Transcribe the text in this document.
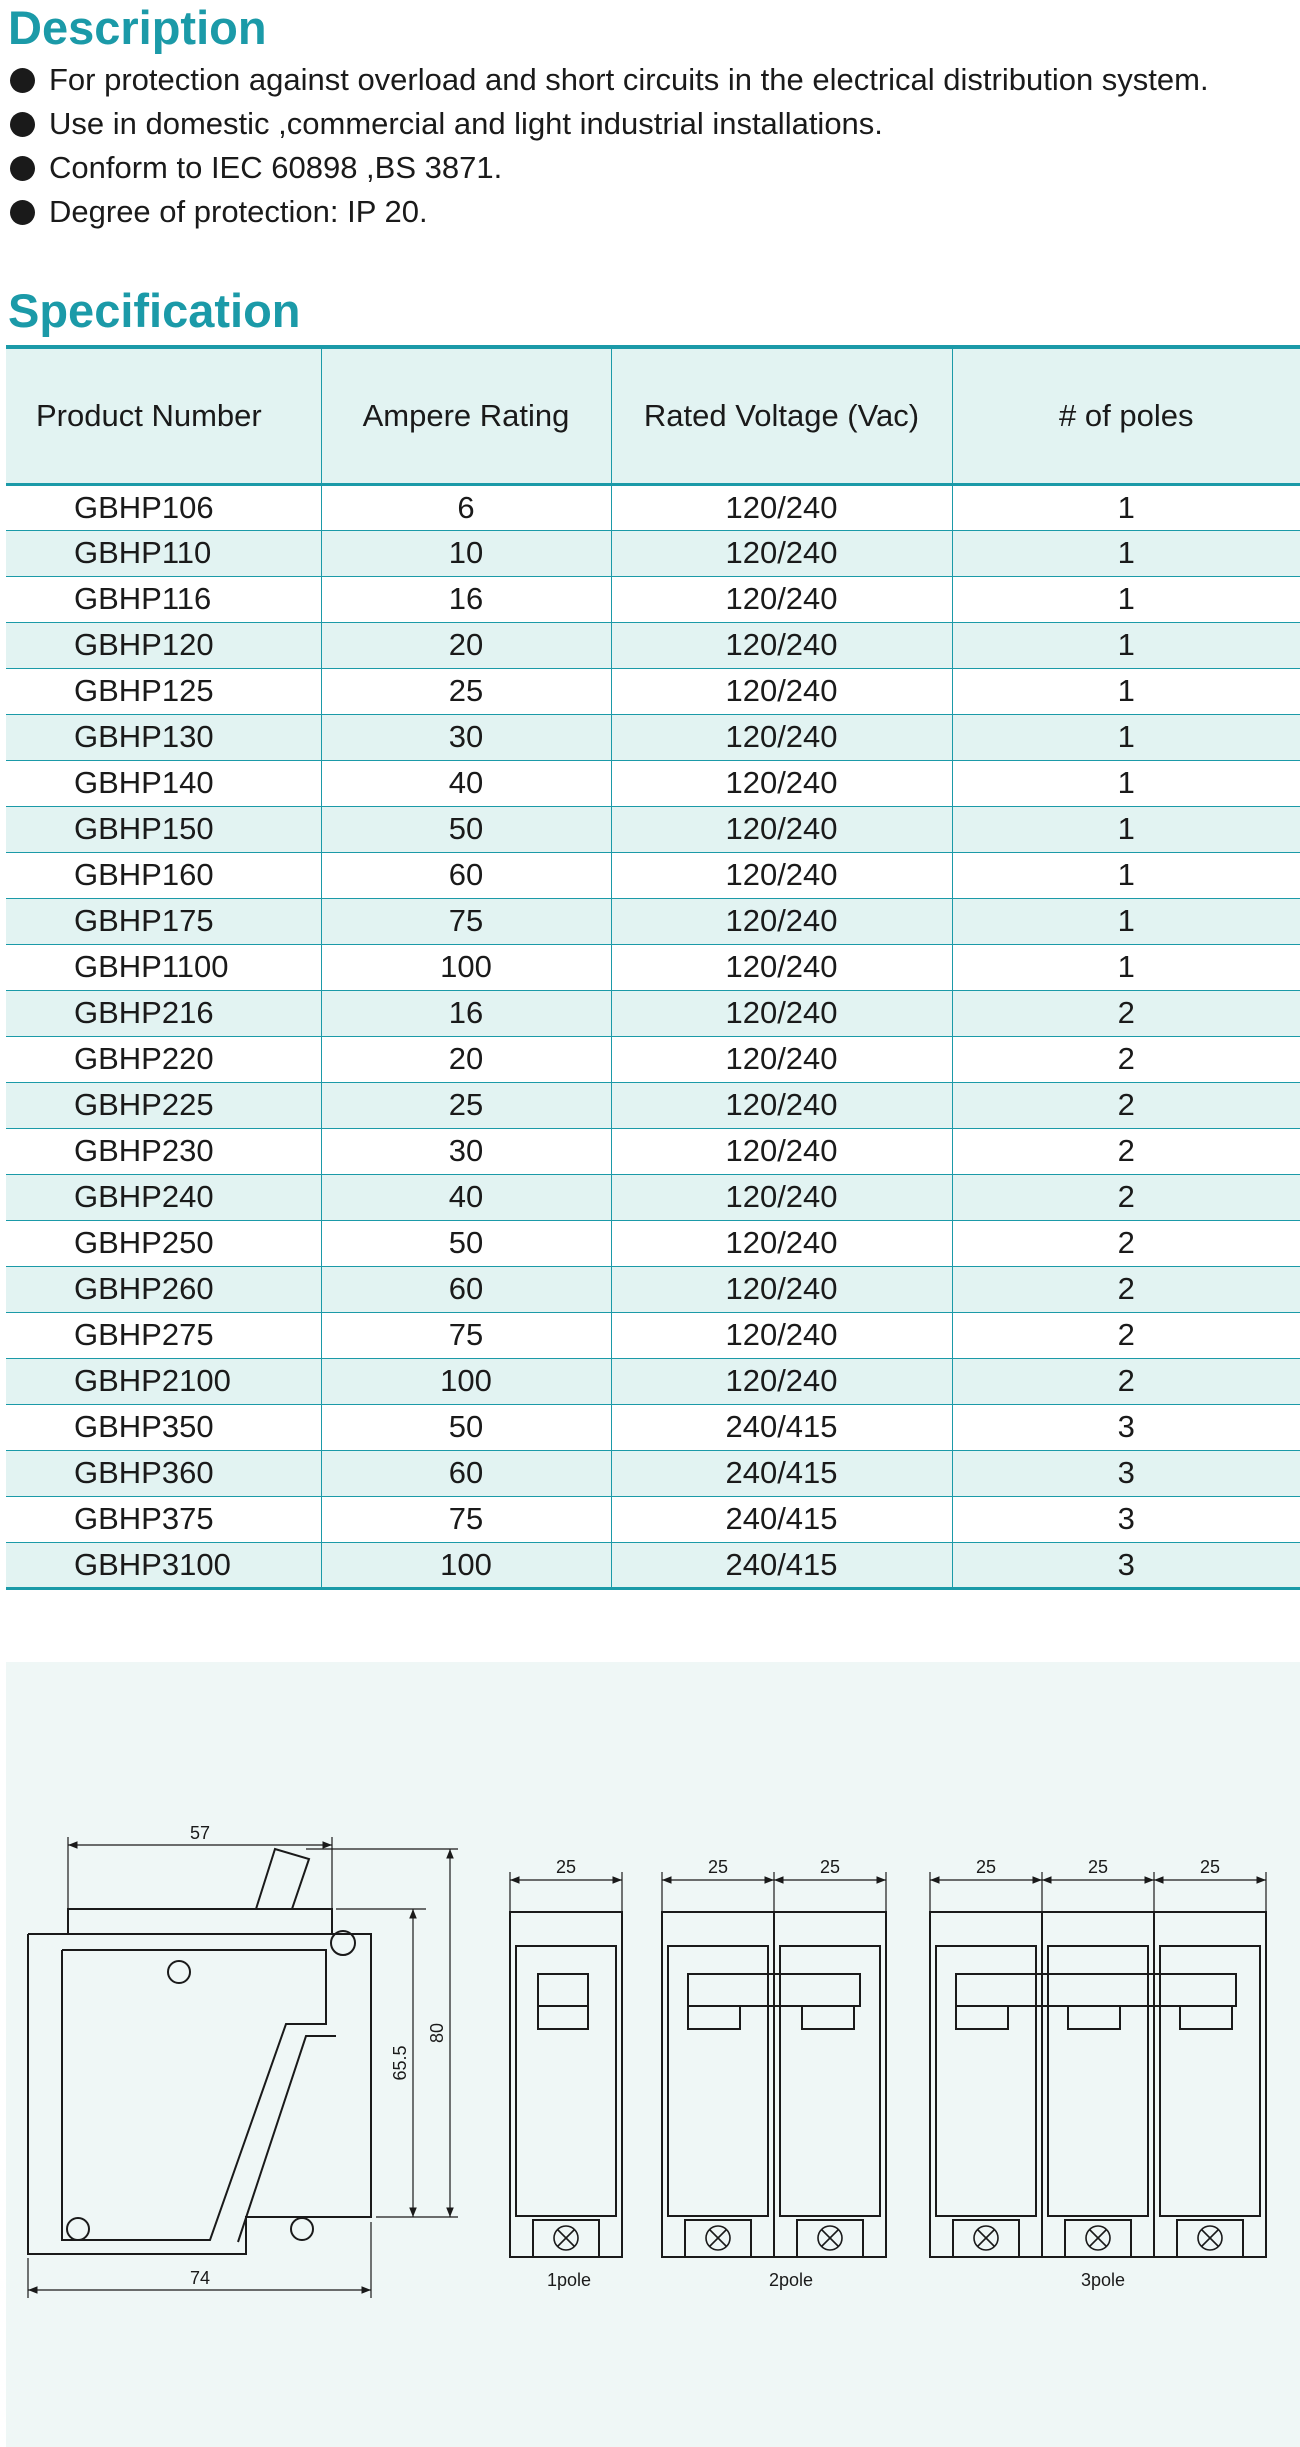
Description
For protection against overload and short circuits in the electrical distribution system.
Use in domestic ,commercial and light industrial installations.
Conform to IEC 60898 ,BS 3871.
Degree of protection: IP 20.
Specification
Product Number	Ampere Rating	Rated Voltage (Vac)	# of poles
GBHP106	6	120/240	1
GBHP110	10	120/240	1
GBHP116	16	120/240	1
GBHP120	20	120/240	1
GBHP125	25	120/240	1
GBHP130	30	120/240	1
GBHP140	40	120/240	1
GBHP150	50	120/240	1
GBHP160	60	120/240	1
GBHP175	75	120/240	1
GBHP1100	100	120/240	1
GBHP216	16	120/240	2
GBHP220	20	120/240	2
GBHP225	25	120/240	2
GBHP230	30	120/240	2
GBHP240	40	120/240	2
GBHP250	50	120/240	2
GBHP260	60	120/240	2
GBHP275	75	120/240	2
GBHP2100	100	120/240	2
GBHP350	50	240/415	3
GBHP360	60	240/415	3
GBHP375	75	240/415	3
GBHP3100	100	240/415	3
57
74
65.5
80
25	25	25	25	25	25
1pole	2pole	3pole
